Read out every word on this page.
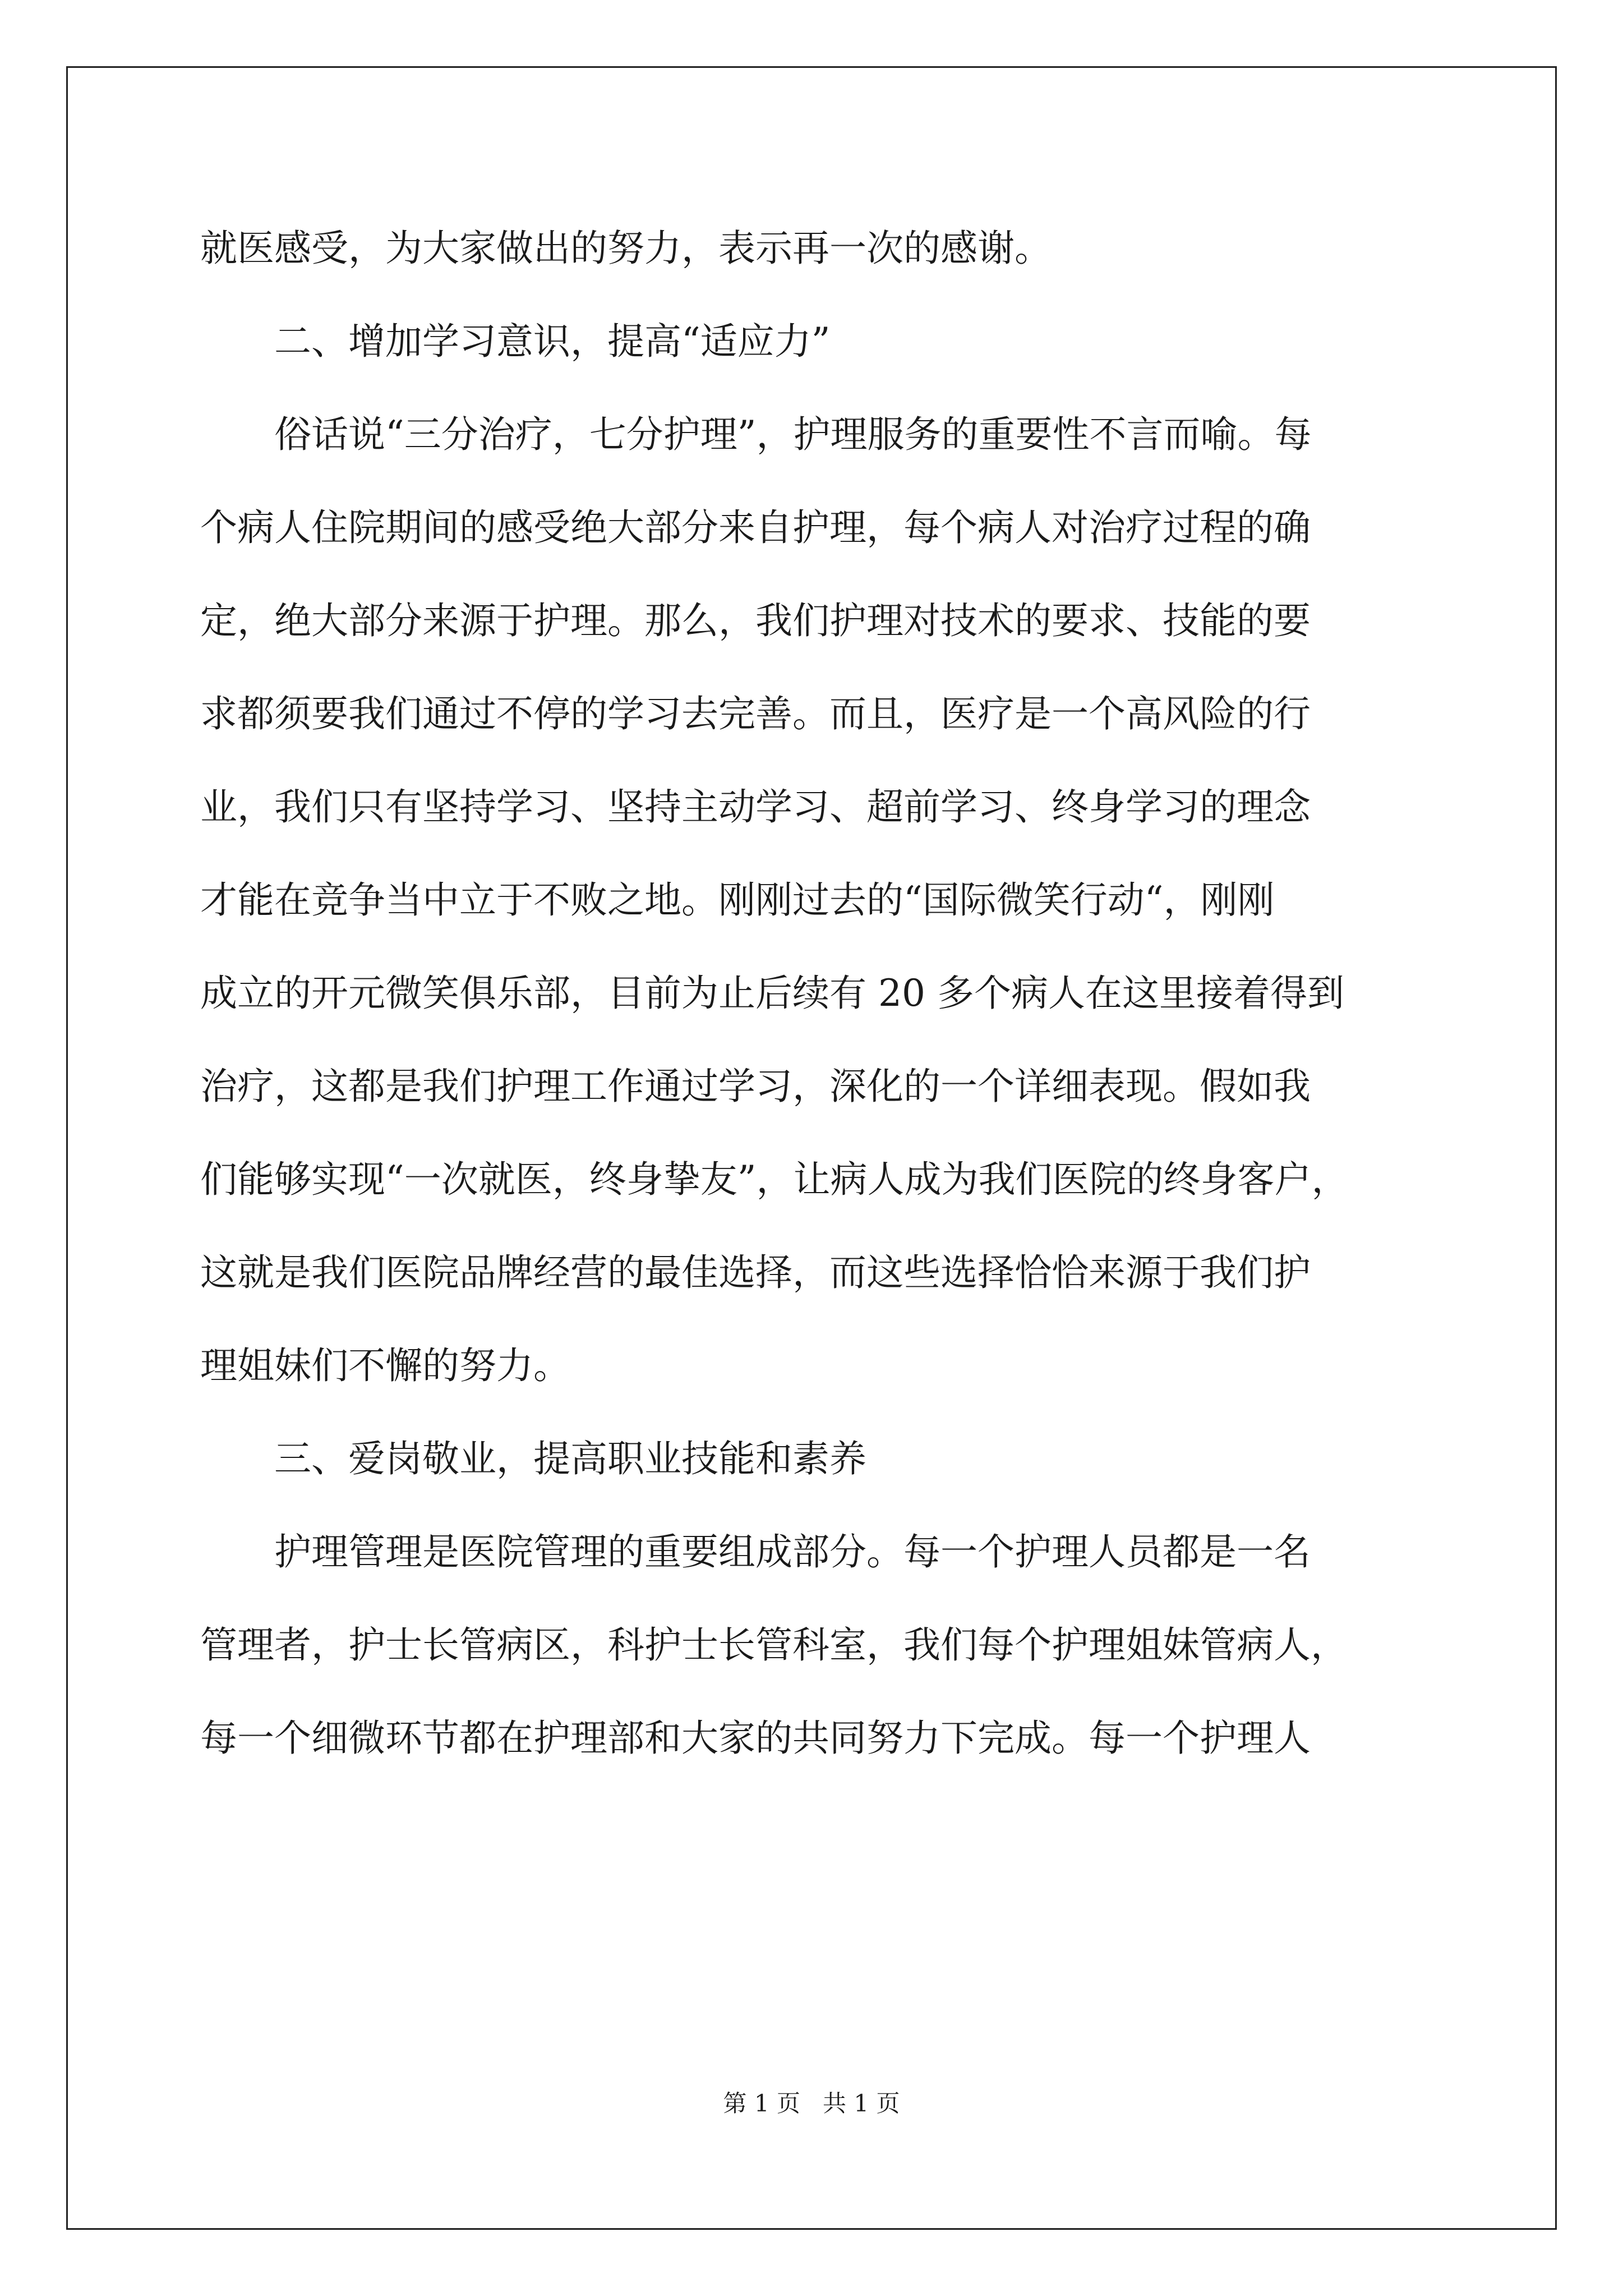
就医感受，为大家做出的努力，表示再一次的感谢。
　　二、增加学习意识，提高“适应力”
　　俗话说“三分治疗，七分护理”，护理服务的重要性不言而喻。每
个病人住院期间的感受绝大部分来自护理，每个病人对治疗过程的确
定，绝大部分来源于护理。那么，我们护理对技术的要求、技能的要
求都须要我们通过不停的学习去完善。而且，医疗是一个高风险的行
业，我们只有坚持学习、坚持主动学习、超前学习、终身学习的理念
才能在竞争当中立于不败之地。刚刚过去的“国际微笑行动“，刚刚
成立的开元微笑俱乐部，目前为止后续有 20 多个病人在这里接着得到
治疗，这都是我们护理工作通过学习，深化的一个详细表现。假如我
们能够实现“一次就医，终身挚友”，让病人成为我们医院的终身客户，
这就是我们医院品牌经营的最佳选择，而这些选择恰恰来源于我们护
理姐妹们不懈的努力。
　　三、爱岗敬业，提高职业技能和素养
　　护理管理是医院管理的重要组成部分。每一个护理人员都是一名
管理者，护士长管病区，科护士长管科室，我们每个护理姐妹管病人，
每一个细微环节都在护理部和大家的共同努力下完成。每一个护理人
第 1 页   共 1 页
